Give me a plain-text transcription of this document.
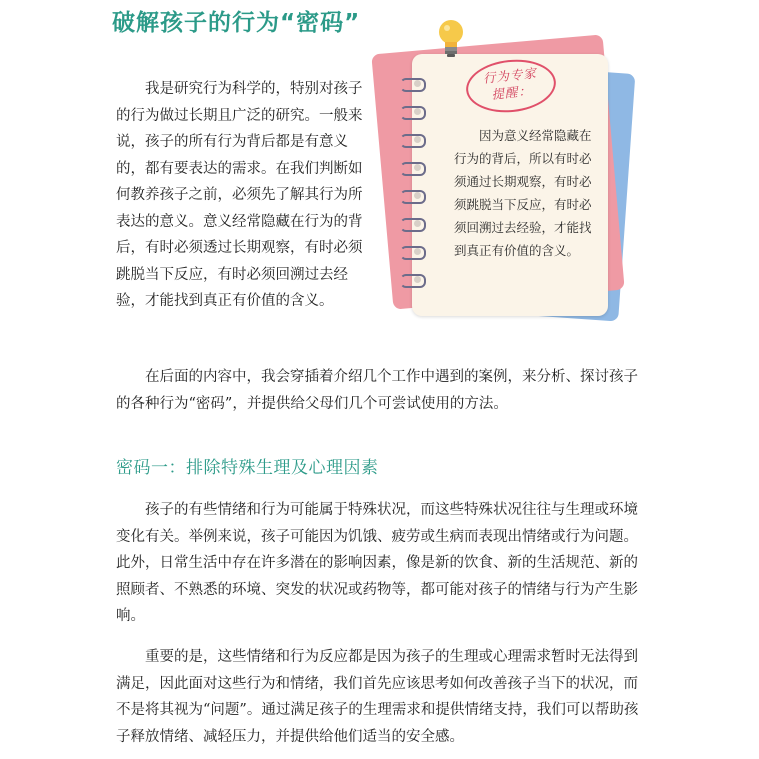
破解孩子的行为“密码”

我是研究行为科学的，特别对孩子的行为做过长期且广泛的研究。一般来说，孩子的所有行为背后都是有意义的，都有要表达的需求。在我们判断如何教养孩子之前，必须先了解其行为所表达的意义。意义经常隐藏在行为的背后，有时必须透过长期观察，有时必须跳脱当下反应，有时必须回溯过去经验，才能找到真正有价值的含义。

行为专家
提醒：

因为意义经常隐藏在行为的背后，所以有时必须通过长期观察，有时必须跳脱当下反应，有时必须回溯过去经验，才能找到真正有价值的含义。

在后面的内容中，我会穿插着介绍几个工作中遇到的案例，来分析、探讨孩子的各种行为“密码”，并提供给父母们几个可尝试使用的方法。

密码一：排除特殊生理及心理因素

孩子的有些情绪和行为可能属于特殊状况，而这些特殊状况往往与生理或环境变化有关。举例来说，孩子可能因为饥饿、疲劳或生病而表现出情绪或行为问题。此外，日常生活中存在许多潜在的影响因素，像是新的饮食、新的生活规范、新的照顾者、不熟悉的环境、突发的状况或药物等，都可能对孩子的情绪与行为产生影响。

重要的是，这些情绪和行为反应都是因为孩子的生理或心理需求暂时无法得到满足，因此面对这些行为和情绪，我们首先应该思考如何改善孩子当下的状况，而不是将其视为“问题”。通过满足孩子的生理需求和提供情绪支持，我们可以帮助孩子释放情绪、减轻压力，并提供给他们适当的安全感。
